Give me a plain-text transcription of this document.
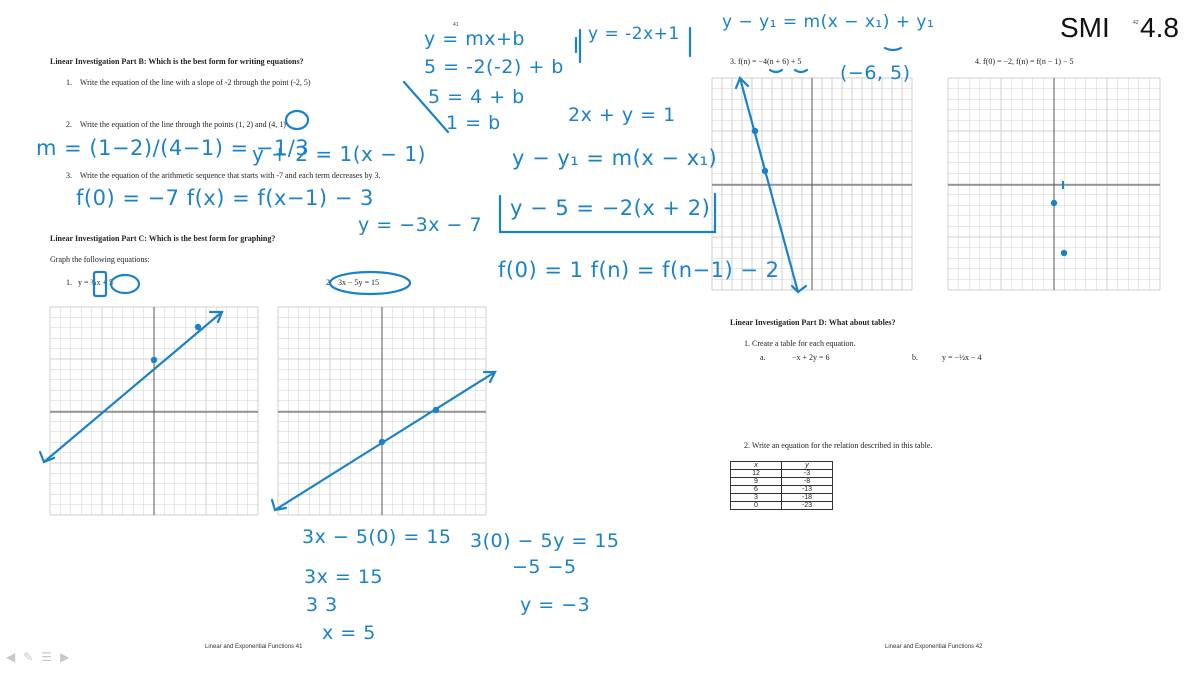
SMI	42 4.8
41
Linear Investigation Part B: Which is the best form for writing equations?
1. Write the equation of the line with a slope of -2 through the point (-2, 5)
2. Write the equation of the line through the points (1, 2) and (4, 1)
3. Write the equation of the arithmetic sequence that starts with -7 and each term decreases by 3.
Linear Investigation Part C: Which is the best form for graphing?
Graph the following equations:
1. y = ¾x + 5	2. 3x − 5y = 15
3. f(n) = −4(n + 6) + 5	4. f(0) = −2, f(n) = f(n − 1) − 5
Linear Investigation Part D: What about tables?
1. Create a table for each equation.
a.	−x + 2y = 6	b.	y = −½x − 4
2. Write an equation for the relation described in this table.
x	y
12	-3
9	-8
6	-13
3	-18
0	-23
Linear and Exponential Functions 41	Linear and Exponential Functions 42
y = mx+b
5 = -2(-2) + b
5 = 4 + b
1 = b
y = -2x+1
2x + y = 1
y − y₁ = m(x − x₁)
y − 5 = −2(x + 2)
f(0) = 1 f(n) = f(n−1) − 2
m = (1−2)/(4−1) = −1/3
y + 2 = 1(x − 1)
f(0) = −7 f(x) = f(x−1) − 3
y = −3x − 7
y − y₁ = m(x − x₁) + y₁
(−6, 5)
3x − 5(0) = 15
3x = 15
3 3
x = 5
3(0) − 5y = 15
−5 −5
y = −3
◀ ✎ ☰ ▶
